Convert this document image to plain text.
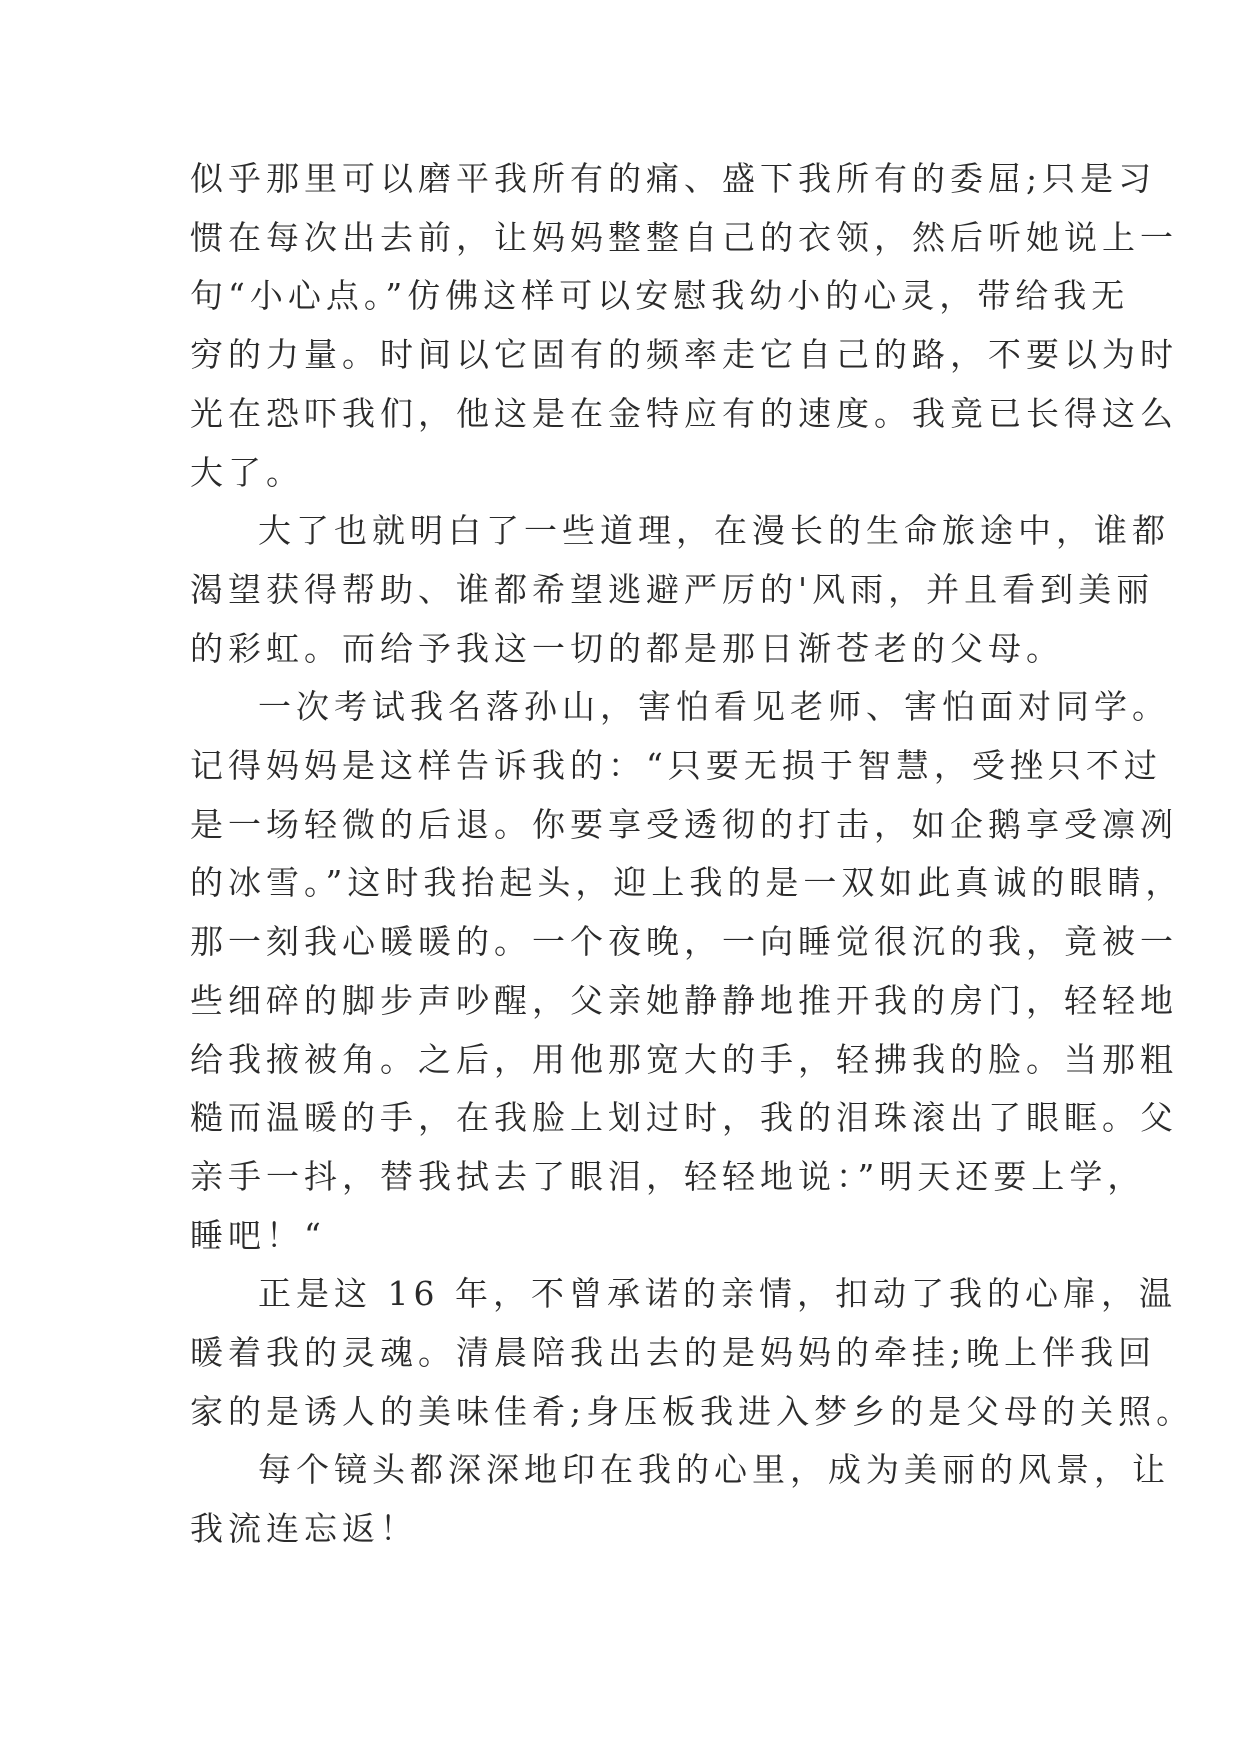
似乎那里可以磨平我所有的痛、盛下我所有的委屈;只是习
惯在每次出去前，让妈妈整整自己的衣领，然后听她说上一
句“小心点。”仿佛这样可以安慰我幼小的心灵，带给我无
穷的力量。时间以它固有的频率走它自己的路，不要以为时
光在恐吓我们，他这是在金特应有的速度。我竟已长得这么
大了。
大了也就明白了一些道理，在漫长的生命旅途中，谁都
渴望获得帮助、谁都希望逃避严厉的'风雨，并且看到美丽
的彩虹。而给予我这一切的都是那日渐苍老的父母。
一次考试我名落孙山，害怕看见老师、害怕面对同学。
记得妈妈是这样告诉我的：“只要无损于智慧，受挫只不过
是一场轻微的后退。你要享受透彻的打击，如企鹅享受凛冽
的冰雪。”这时我抬起头，迎上我的是一双如此真诚的眼睛，
那一刻我心暖暖的。一个夜晚，一向睡觉很沉的我，竟被一
些细碎的脚步声吵醒，父亲她静静地推开我的房门，轻轻地
给我掖被角。之后，用他那宽大的手，轻拂我的脸。当那粗
糙而温暖的手，在我脸上划过时，我的泪珠滚出了眼眶。父
亲手一抖，替我拭去了眼泪，轻轻地说：”明天还要上学，
睡吧！“
正是这 16 年，不曾承诺的亲情，扣动了我的心扉，温
暖着我的灵魂。清晨陪我出去的是妈妈的牵挂;晚上伴我回
家的是诱人的美味佳肴;身压板我进入梦乡的是父母的关照。
每个镜头都深深地印在我的心里，成为美丽的风景，让
我流连忘返！
